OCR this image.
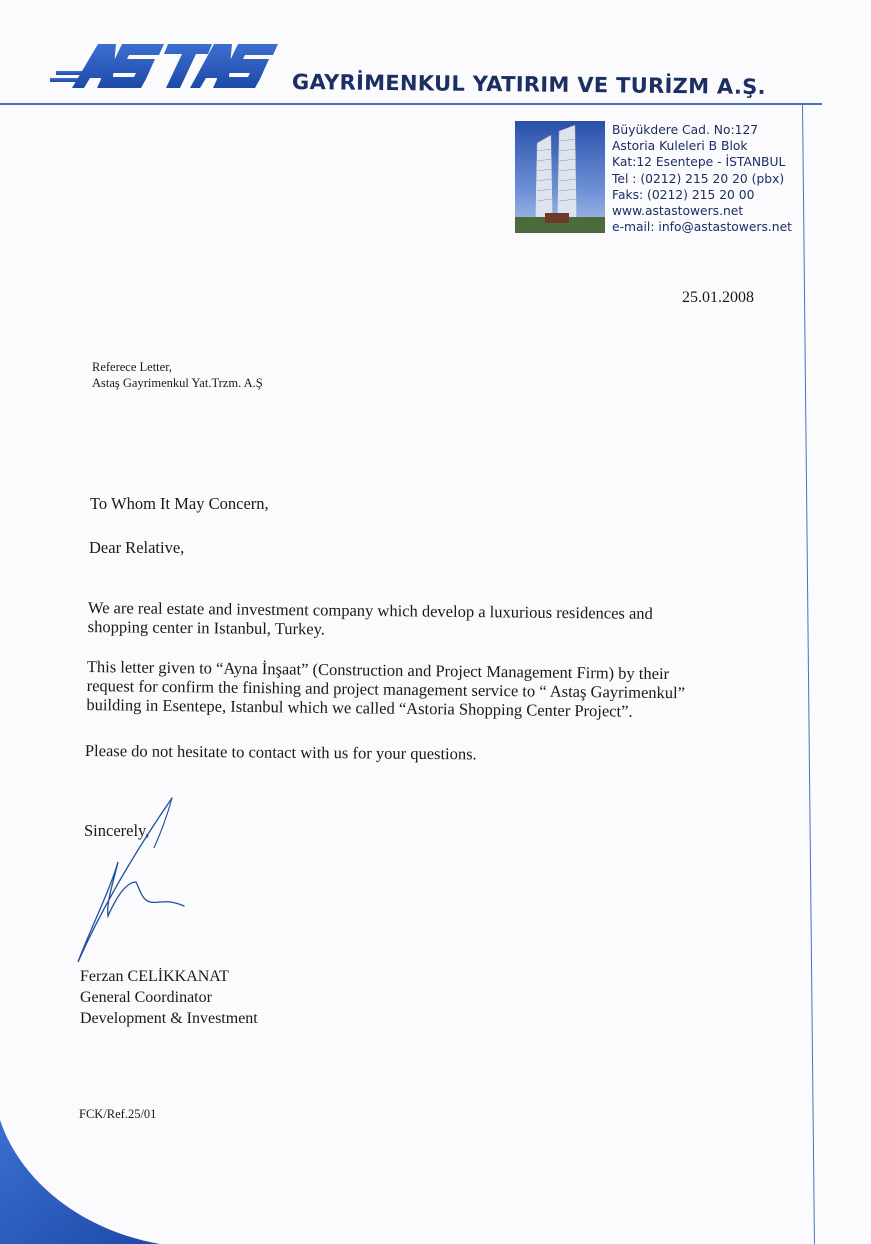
ASTAŞ
GAYRİMENKUL YATIRIM VE TURİZM A.Ş.
Büyükdere Cad. No:127
Astoria Kuleleri B Blok
Kat:12 Esentepe - İSTANBUL
Tel : (0212) 215 20 20 (pbx)
Faks: (0212) 215 20 00
www.astastowers.net
e-mail: info@astastowers.net
25.01.2008
Referece Letter,
Astaş Gayrimenkul Yat.Trzm. A.Ş
To Whom It May Concern,
Dear Relative,
We are real estate and investment company which develop a luxurious residences and
shopping center in Istanbul, Turkey.
This letter given to “Ayna İnşaat” (Construction and Project Management Firm) by their
request for confirm the finishing and project management service to “ Astaş Gayrimenkul”
building in Esentepe, Istanbul which we called “Astoria Shopping Center Project”.
Please do not hesitate to contact with us for your questions.
Sincerely,
Ferzan CELİKKANAT
General Coordinator
Development & Investment
FCK/Ref.25/01
